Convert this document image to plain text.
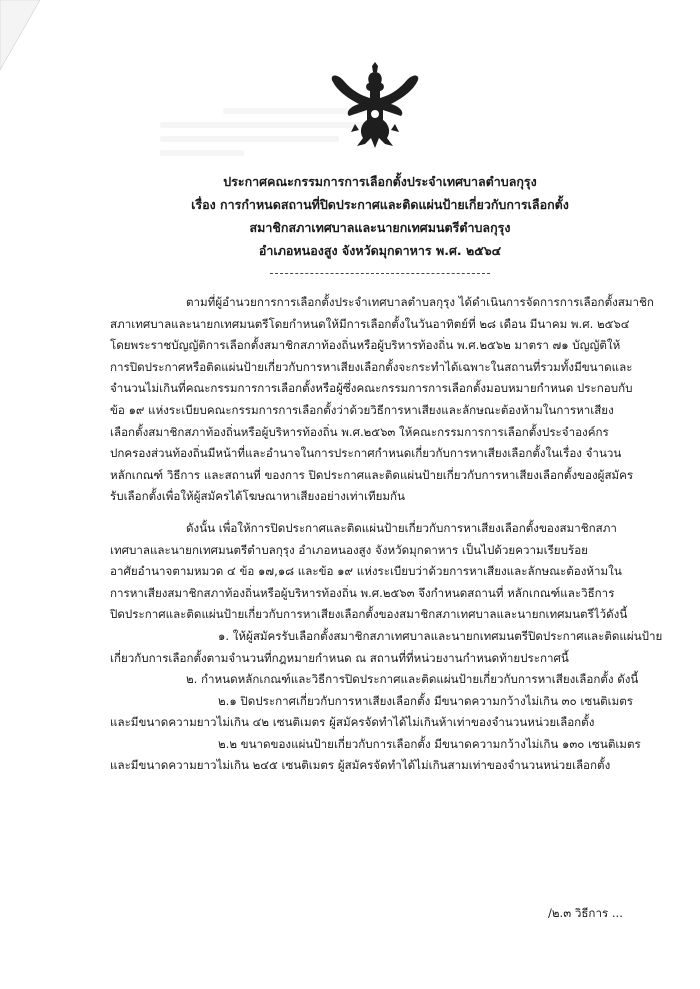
ประกาศคณะกรรมการการเลือกตั้งประจำเทศบาลตำบลกุรุง
เรื่อง การกำหนดสถานที่ปิดประกาศและติดแผ่นป้ายเกี่ยวกับการเลือกตั้ง
สมาชิกสภาเทศบาลและนายกเทศมนตรีตำบลกุรุง
อำเภอหนองสูง จังหวัดมุกดาหาร พ.ศ. ๒๕๖๔
ตามที่ผู้อำนวยการการเลือกตั้งประจำเทศบาลตำบลกุรุง ได้ดำเนินการจัดการการเลือกตั้งสมาชิก
สภาเทศบาลและนายกเทศมนตรีโดยกำหนดให้มีการเลือกตั้งในวันอาทิตย์ที่ ๒๘ เดือน มีนาคม พ.ศ. ๒๕๖๔
โดยพระราชบัญญัติการเลือกตั้งสมาชิกสภาท้องถิ่นหรือผู้บริหารท้องถิ่น พ.ศ.๒๕๖๒ มาตรา ๗๑ บัญญัติให้
การปิดประกาศหรือติดแผ่นป้ายเกี่ยวกับการหาเสียงเลือกตั้งจะกระทำได้เฉพาะในสถานที่รวมทั้งมีขนาดและ
จำนวนไม่เกินที่คณะกรรมการการเลือกตั้งหรือผู้ซึ่งคณะกรรมการการเลือกตั้งมอบหมายกำหนด ประกอบกับ
ข้อ ๑๙ แห่งระเบียบคณะกรรมการการเลือกตั้งว่าด้วยวิธีการหาเสียงและลักษณะต้องห้ามในการหาเสียง
เลือกตั้งสมาชิกสภาท้องถิ่นหรือผู้บริหารท้องถิ่น พ.ศ.๒๕๖๓ ให้คณะกรรมการการเลือกตั้งประจำองค์กร
ปกครองส่วนท้องถิ่นมีหน้าที่และอำนาจในการประกาศกำหนดเกี่ยวกับการหาเสียงเลือกตั้งในเรื่อง จำนวน
หลักเกณฑ์ วิธีการ และสถานที่ ของการ ปิดประกาศและติดแผ่นป้ายเกี่ยวกับการหาเสียงเลือกตั้งของผู้สมัคร
รับเลือกตั้งเพื่อให้ผู้สมัครได้โฆษณาหาเสียงอย่างเท่าเทียมกัน
ดังนั้น เพื่อให้การปิดประกาศและติดแผ่นป้ายเกี่ยวกับการหาเสียงเลือกตั้งของสมาชิกสภา
เทศบาลและนายกเทศมนตรีตำบลกุรุง อำเภอหนองสูง จังหวัดมุกดาหาร เป็นไปด้วยความเรียบร้อย
อาศัยอำนาจตามหมวด ๔ ข้อ ๑๗,๑๘ และข้อ ๑๙ แห่งระเบียบว่าด้วยการหาเสียงและลักษณะต้องห้ามใน
การหาเสียงสมาชิกสภาท้องถิ่นหรือผู้บริหารท้องถิ่น พ.ศ.๒๕๖๓ จึงกำหนดสถานที่ หลักเกณฑ์และวิธีการ
ปิดประกาศและติดแผ่นป้ายเกี่ยวกับการหาเสียงเลือกตั้งของสมาชิกสภาเทศบาลและนายกเทศมนตรีไว้ดังนี้
๑. ให้ผู้สมัครรับเลือกตั้งสมาชิกสภาเทศบาลและนายกเทศมนตรีปิดประกาศและติดแผ่นป้าย
เกี่ยวกับการเลือกตั้งตามจำนวนที่กฎหมายกำหนด ณ สถานที่ที่หน่วยงานกำหนดท้ายประกาศนี้
๒. กำหนดหลักเกณฑ์และวิธีการปิดประกาศและติดแผ่นป้ายเกี่ยวกับการหาเสียงเลือกตั้ง ดังนี้
๒.๑ ปิดประกาศเกี่ยวกับการหาเสียงเลือกตั้ง มีขนาดความกว้างไม่เกิน ๓๐ เซนติเมตร
และมีขนาดความยาวไม่เกิน ๔๒ เซนติเมตร ผู้สมัครจัดทำได้ไม่เกินห้าเท่าของจำนวนหน่วยเลือกตั้ง
๒.๒ ขนาดของแผ่นป้ายเกี่ยวกับการเลือกตั้ง มีขนาดความกว้างไม่เกิน ๑๓๐ เซนติเมตร
และมีขนาดความยาวไม่เกิน ๒๔๕ เซนติเมตร ผู้สมัครจัดทำได้ไม่เกินสามเท่าของจำนวนหน่วยเลือกตั้ง
/๒.๓ วิธีการ ...
